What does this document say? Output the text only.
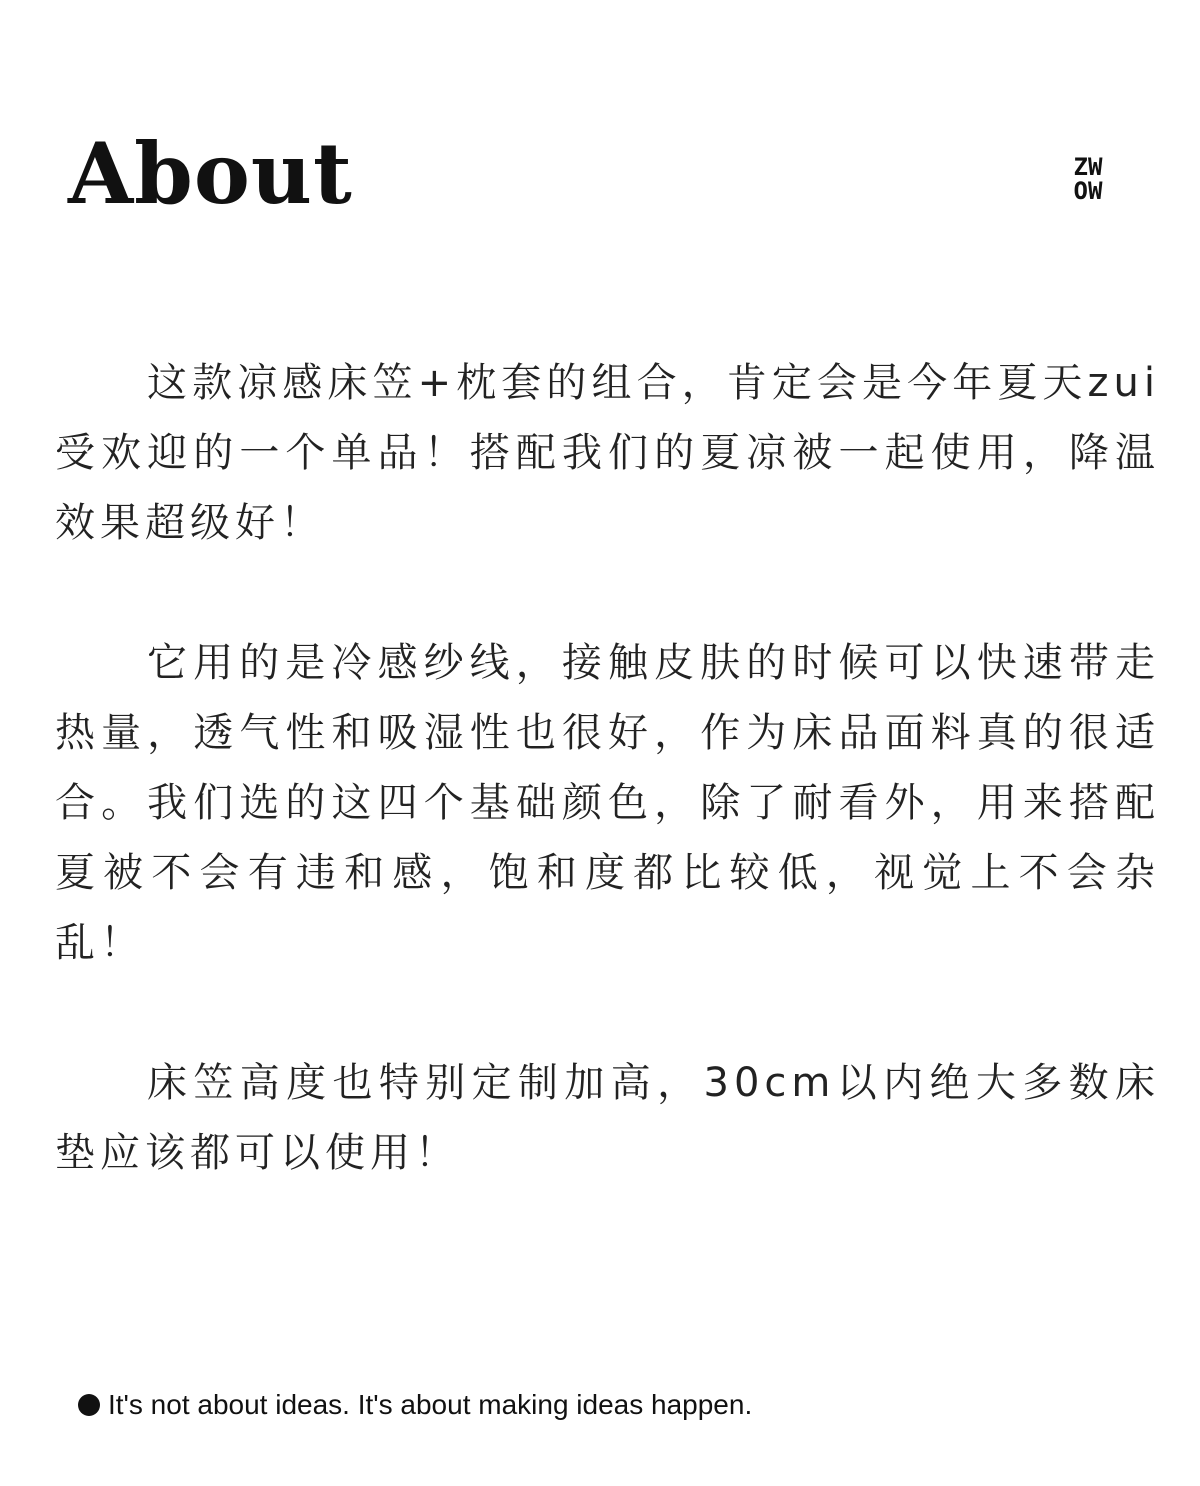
About	ZW
OW

这款凉感床笠+枕套的组合，肯定会是今年夏天zui受欢迎的一个单品！搭配我们的夏凉被一起使用，降温效果超级好！

它用的是冷感纱线，接触皮肤的时候可以快速带走热量，透气性和吸湿性也很好，作为床品面料真的很适合。我们选的这四个基础颜色，除了耐看外，用来搭配夏被不会有违和感，饱和度都比较低，视觉上不会杂乱！

床笠高度也特别定制加高，30cm以内绝大多数床垫应该都可以使用！

It's not about ideas. It's about making ideas happen.
